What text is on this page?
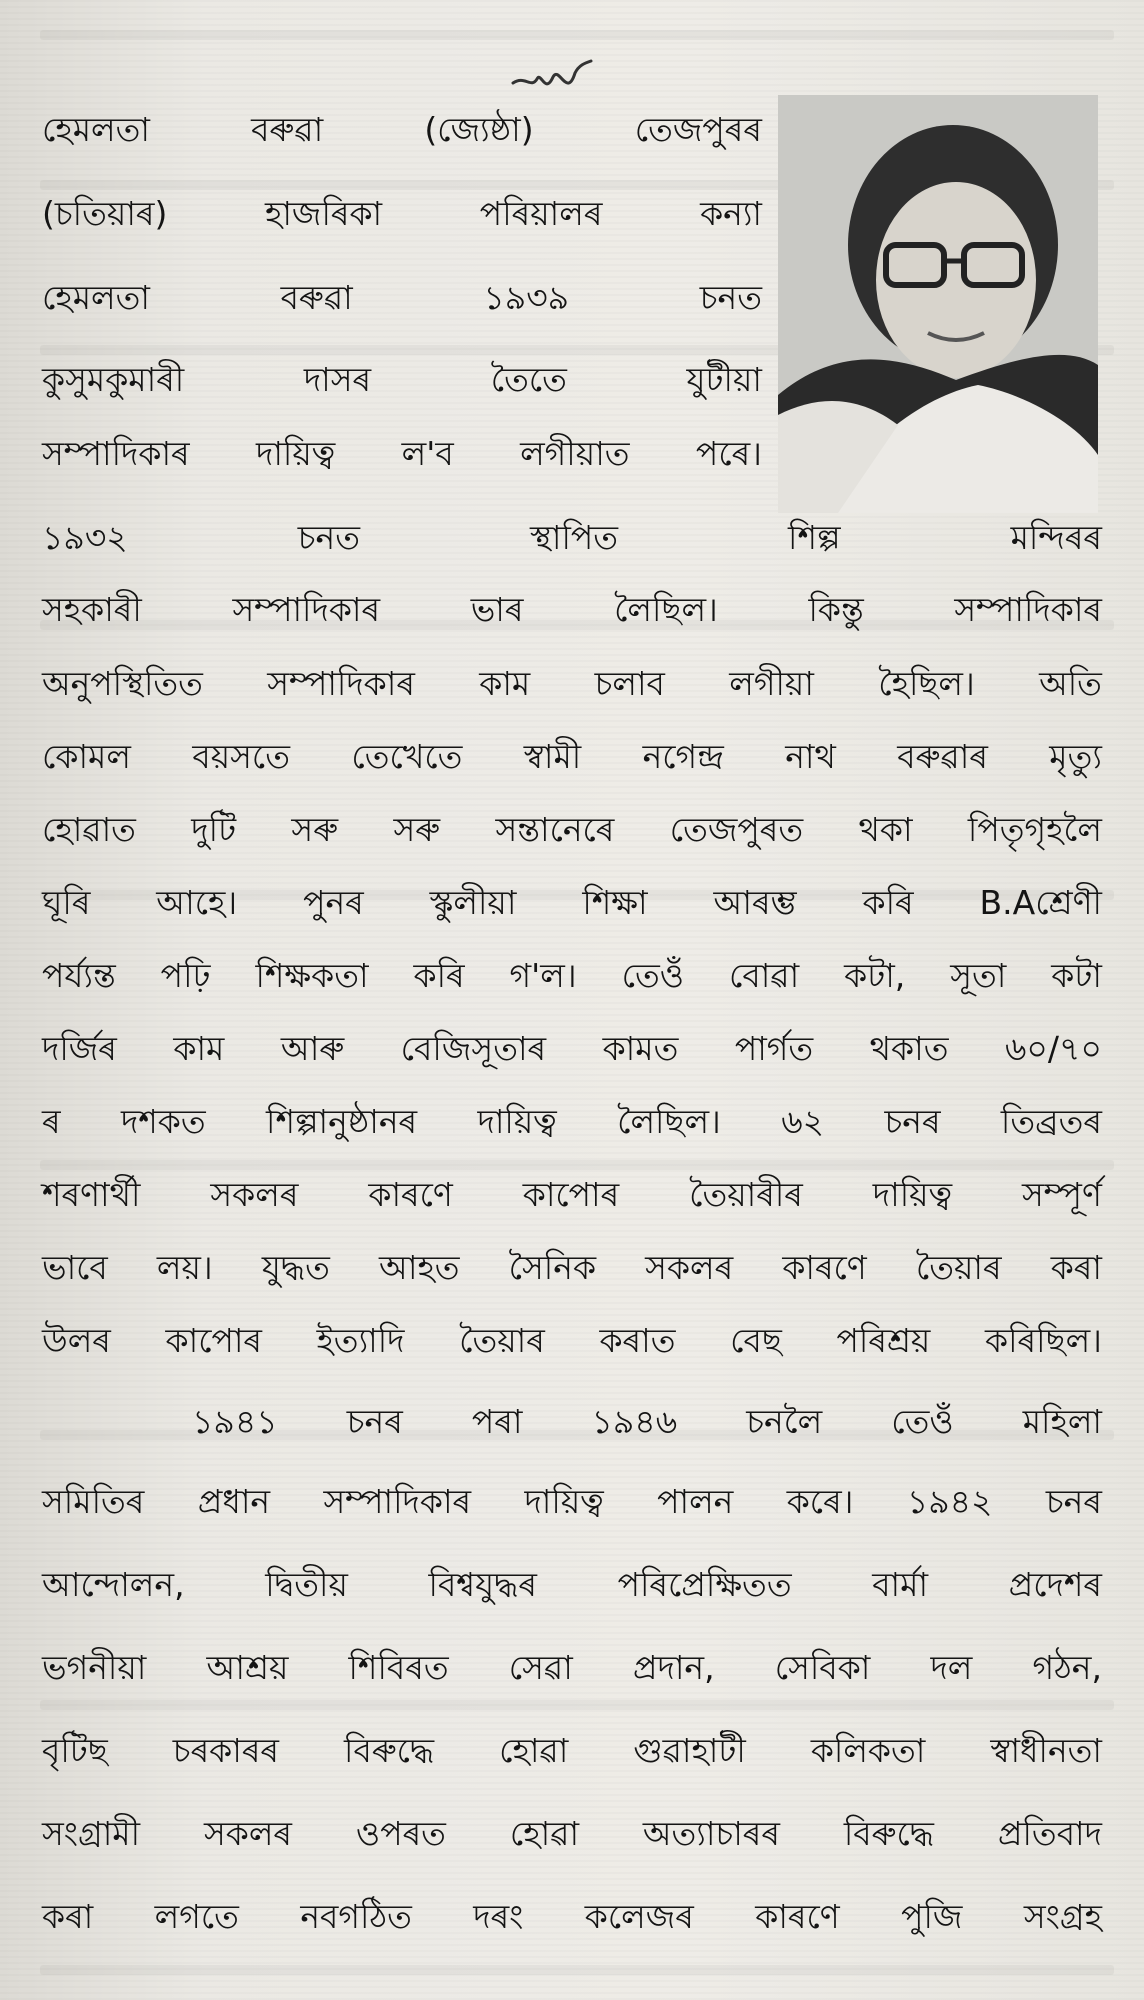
হেমলতা	বৰুৱা	(জ্যেষ্ঠা)	তেজপুৰৰ
(চতিয়াৰ)	হাজৰিকা	পৰিয়ালৰ	কন্যা
হেমলতা	বৰুৱা	১৯৩৯	চনত
কুসুমকুমাৰী	দাসৰ	তৈতে	যুটীয়া
সম্পাদিকাৰ দায়িত্ব ল'ব লগীয়াত পৰে।
১৯৩২	চনত	স্থাপিত	শিল্প	মন্দিৰৰ
সহকাৰী	সম্পাদিকাৰ	ভাৰ	লৈছিল।	কিন্তু	সম্পাদিকাৰ
অনুপস্থিতিত সম্পাদিকাৰ কাম চলাব লগীয়া হৈছিল। অতি
কোমল বয়সতে তেখেতে স্বামী নগেন্দ্ৰ নাথ বৰুৱাৰ মৃত্যু
হোৱাত দুটি সৰু সৰু সন্তানেৰে তেজপুৰত থকা পিতৃগৃহলৈ
ঘূৰি আহে। পুনৰ স্কুলীয়া শিক্ষা আৰম্ভ কৰি B.Aশ্ৰেণী
পৰ্য্যন্ত পঢ়ি শিক্ষকতা কৰি গ'ল। তেওঁ বোৱা কটা, সূতা কটা
দৰ্জিৰ কাম আৰু বেজিসূতাৰ কামত পাৰ্গত থকাত ৬০/৭০
ৰ দশকত শিল্পানুষ্ঠানৰ দায়িত্ব লৈছিল। ৬২ চনৰ তিব্ৰতৰ
শৰণাৰ্থী সকলৰ কাৰণে কাপোৰ তৈয়াৰীৰ দায়িত্ব সম্পূৰ্ণ
ভাবে লয়। যুদ্ধত আহত সৈনিক সকলৰ কাৰণে তৈয়াৰ কৰা
উলৰ কাপোৰ ইত্যাদি তৈয়াৰ কৰাত বেছ পৰিশ্ৰয় কৰিছিল।
১৯৪১ চনৰ পৰা ১৯৪৬ চনলৈ তেওঁ মহিলা
সমিতিৰ প্ৰধান সম্পাদিকাৰ দায়িত্ব পালন কৰে। ১৯৪২ চনৰ
আন্দোলন, দ্বিতীয় বিশ্বযুদ্ধৰ পৰিপ্ৰেক্ষিতত বাৰ্মা প্ৰদেশৰ
ভগনীয়া আশ্ৰয় শিবিৰত সেৱা প্ৰদান, সেবিকা দল গঠন,
বৃটিছ চৰকাৰৰ বিৰুদ্ধে হোৱা গুৱাহাটী কলিকতা স্বাধীনতা
সংগ্ৰামী সকলৰ ওপৰত হোৱা অত্যাচাৰৰ বিৰুদ্ধে প্ৰতিবাদ
কৰা লগতে নবগঠিত দৰং কলেজৰ কাৰণে পুজি সংগ্ৰহ
